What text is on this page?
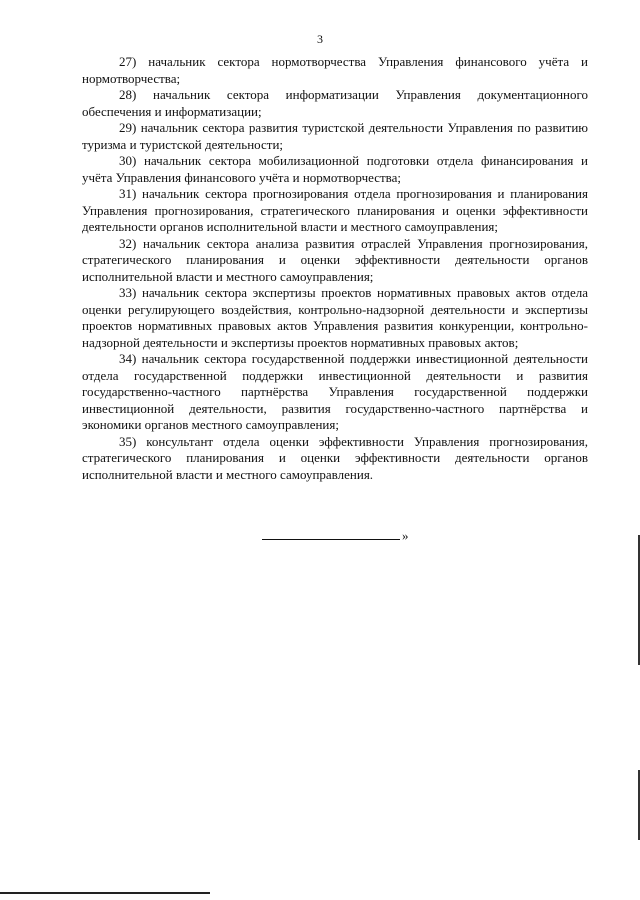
3

27) начальник сектора нормотворчества Управления финансового учёта и нормотворчества;

28) начальник сектора информатизации Управления документационного обеспечения и информатизации;

29) начальник сектора развития туристской деятельности Управления по развитию туризма и туристской деятельности;

30) начальник сектора мобилизационной подготовки отдела финансирования и учёта Управления финансового учёта и нормотворчества;

31) начальник сектора прогнозирования отдела прогнозирования и планирования Управления прогнозирования, стратегического планирования и оценки эффективности деятельности органов исполнительной власти и местного самоуправления;

32) начальник сектора анализа развития отраслей Управления прогнозирования, стратегического планирования и оценки эффективности деятельности органов исполнительной власти и местного самоуправления;

33) начальник сектора экспертизы проектов нормативных правовых актов отдела оценки регулирующего воздействия, контрольно-надзорной деятельности и экспертизы проектов нормативных правовых актов Управления развития конкуренции, контрольно-надзорной деятельности и экспертизы проектов нормативных правовых актов;

34) начальник сектора государственной поддержки инвестиционной деятельности отдела государственной поддержки инвестиционной деятельности и развития государственно-частного партнёрства Управления государственной поддержки инвестиционной деятельности, развития государственно-частного партнёрства и экономики органов местного самоуправления;

35) консультант отдела оценки эффективности Управления прогнозирования, стратегического планирования и оценки эффективности деятельности органов исполнительной власти и местного самоуправления.

»
